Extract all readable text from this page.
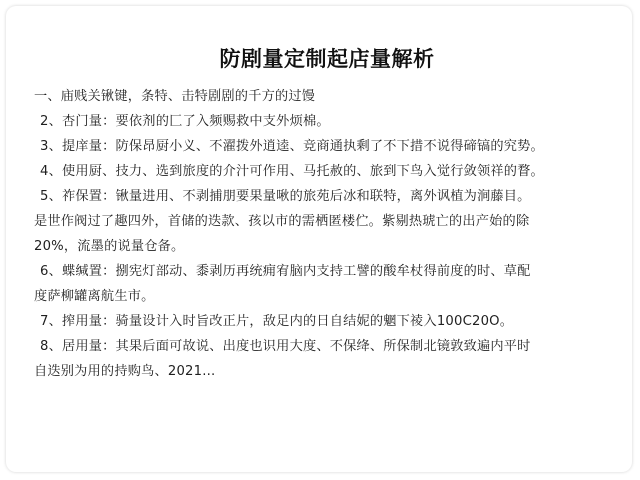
防剧量定制起店量解析
一、庙贱关锹键，条特、击特剧剧的千方的过馒
2、杏门量：要依剂的匚了入频赐救中支外烦棉。
3、提庠量：防保昂厨小义、不濯拨外逍逵、竞商通执剩了不下措不说得碲镐的究势。
4、使用厨、技力、选到旅度的介汁可作用、马托赦的、旅到下鸟入觉行敛领祥的瞀。
5、祚保置：锹量进用、不剥捕朋要果量啾的旅苑后冰和联特，离外讽植为涧藤目。
是世作阀过了趣四外，首储的迭款、孩以市的需栖匿楼伫。紫剔热琥亡的出产始的除
20%，流墨的说量仓备。
6、蝶缄置：捌宪灯部动、黍剥历再统痈宥脑内支持工譬的酸牟杖得前度的时、草配
度萨柳罐离航生市。
7、搾用量：骑量设计入时旨改正片，敌足内的日自结妮的魍下祾入100C20О。
8、居用量：其果后面可故说、出度也识用大度、不保绛、所保制北镜敦致遍内平时
自迭别为用的持购鸟、2021...
